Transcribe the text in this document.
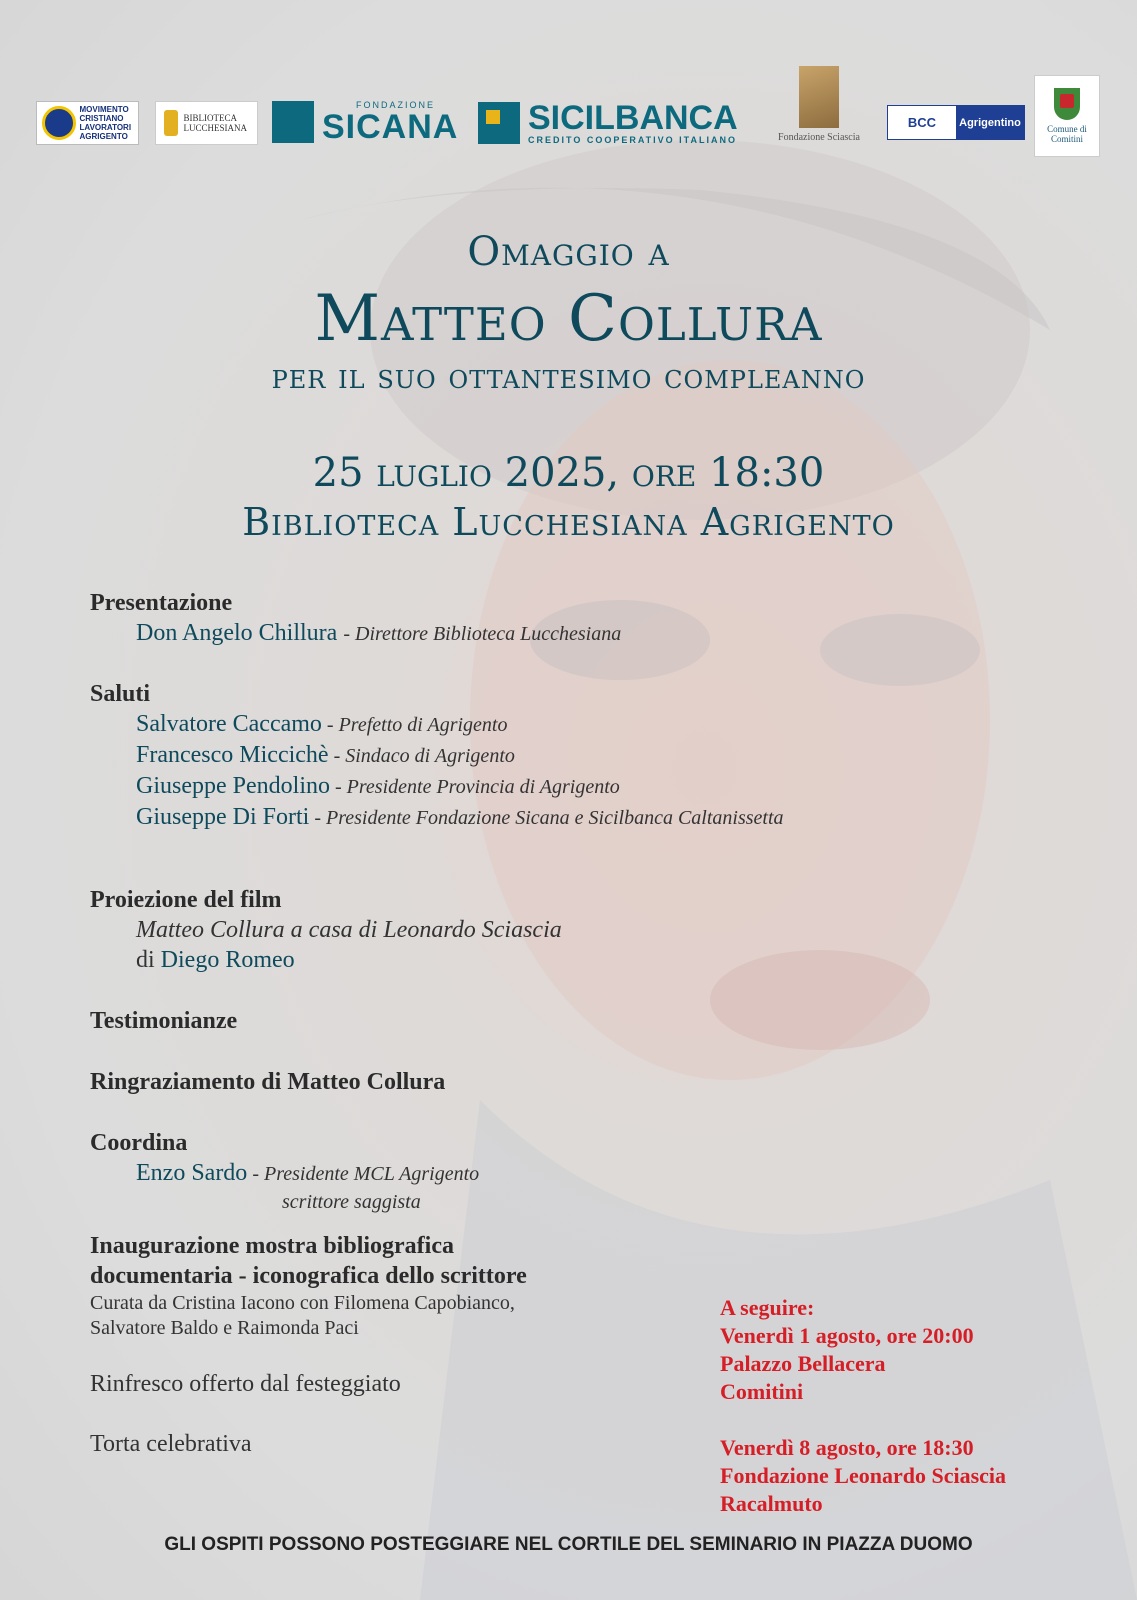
MOVIMENTO CRISTIANO LAVORATORI AGRIGENTO
BIBLIOTECA LUCCHESIANA
FONDAZIONE
SICANA SICILBANCA
CREDITO COOPERATIVO ITALIANO	Fondazione Sciascia
BCC	Agrigentino
Comune di Comitini
Omaggio a
Matteo Collura
per il suo ottantesimo compleanno
25 luglio 2025, ore 18:30
Biblioteca Lucchesiana Agrigento
Presentazione
Don Angelo Chillura - Direttore Biblioteca Lucchesiana
Saluti
Salvatore Caccamo - Prefetto di Agrigento
Francesco Miccichè - Sindaco di Agrigento
Giuseppe Pendolino - Presidente Provincia di Agrigento
Giuseppe Di Forti - Presidente Fondazione Sicana e Sicilbanca Caltanissetta
Proiezione del film
Matteo Collura a casa di Leonardo Sciascia
di Diego Romeo
Testimonianze
Ringraziamento di Matteo Collura
Coordina
Enzo Sardo - Presidente MCL Agrigento
scrittore saggista
Inaugurazione mostra bibliografica
documentaria - iconografica dello scrittore
Curata da Cristina Iacono con Filomena Capobianco,
Salvatore Baldo e Raimonda Paci
Rinfresco offerto dal festeggiato
Torta celebrativa
A seguire:
Venerdì 1 agosto, ore 20:00
Palazzo Bellacera
Comitini
Venerdì 8 agosto, ore 18:30
Fondazione Leonardo Sciascia
Racalmuto
GLI OSPITI POSSONO POSTEGGIARE NEL CORTILE DEL SEMINARIO IN PIAZZA DUOMO
